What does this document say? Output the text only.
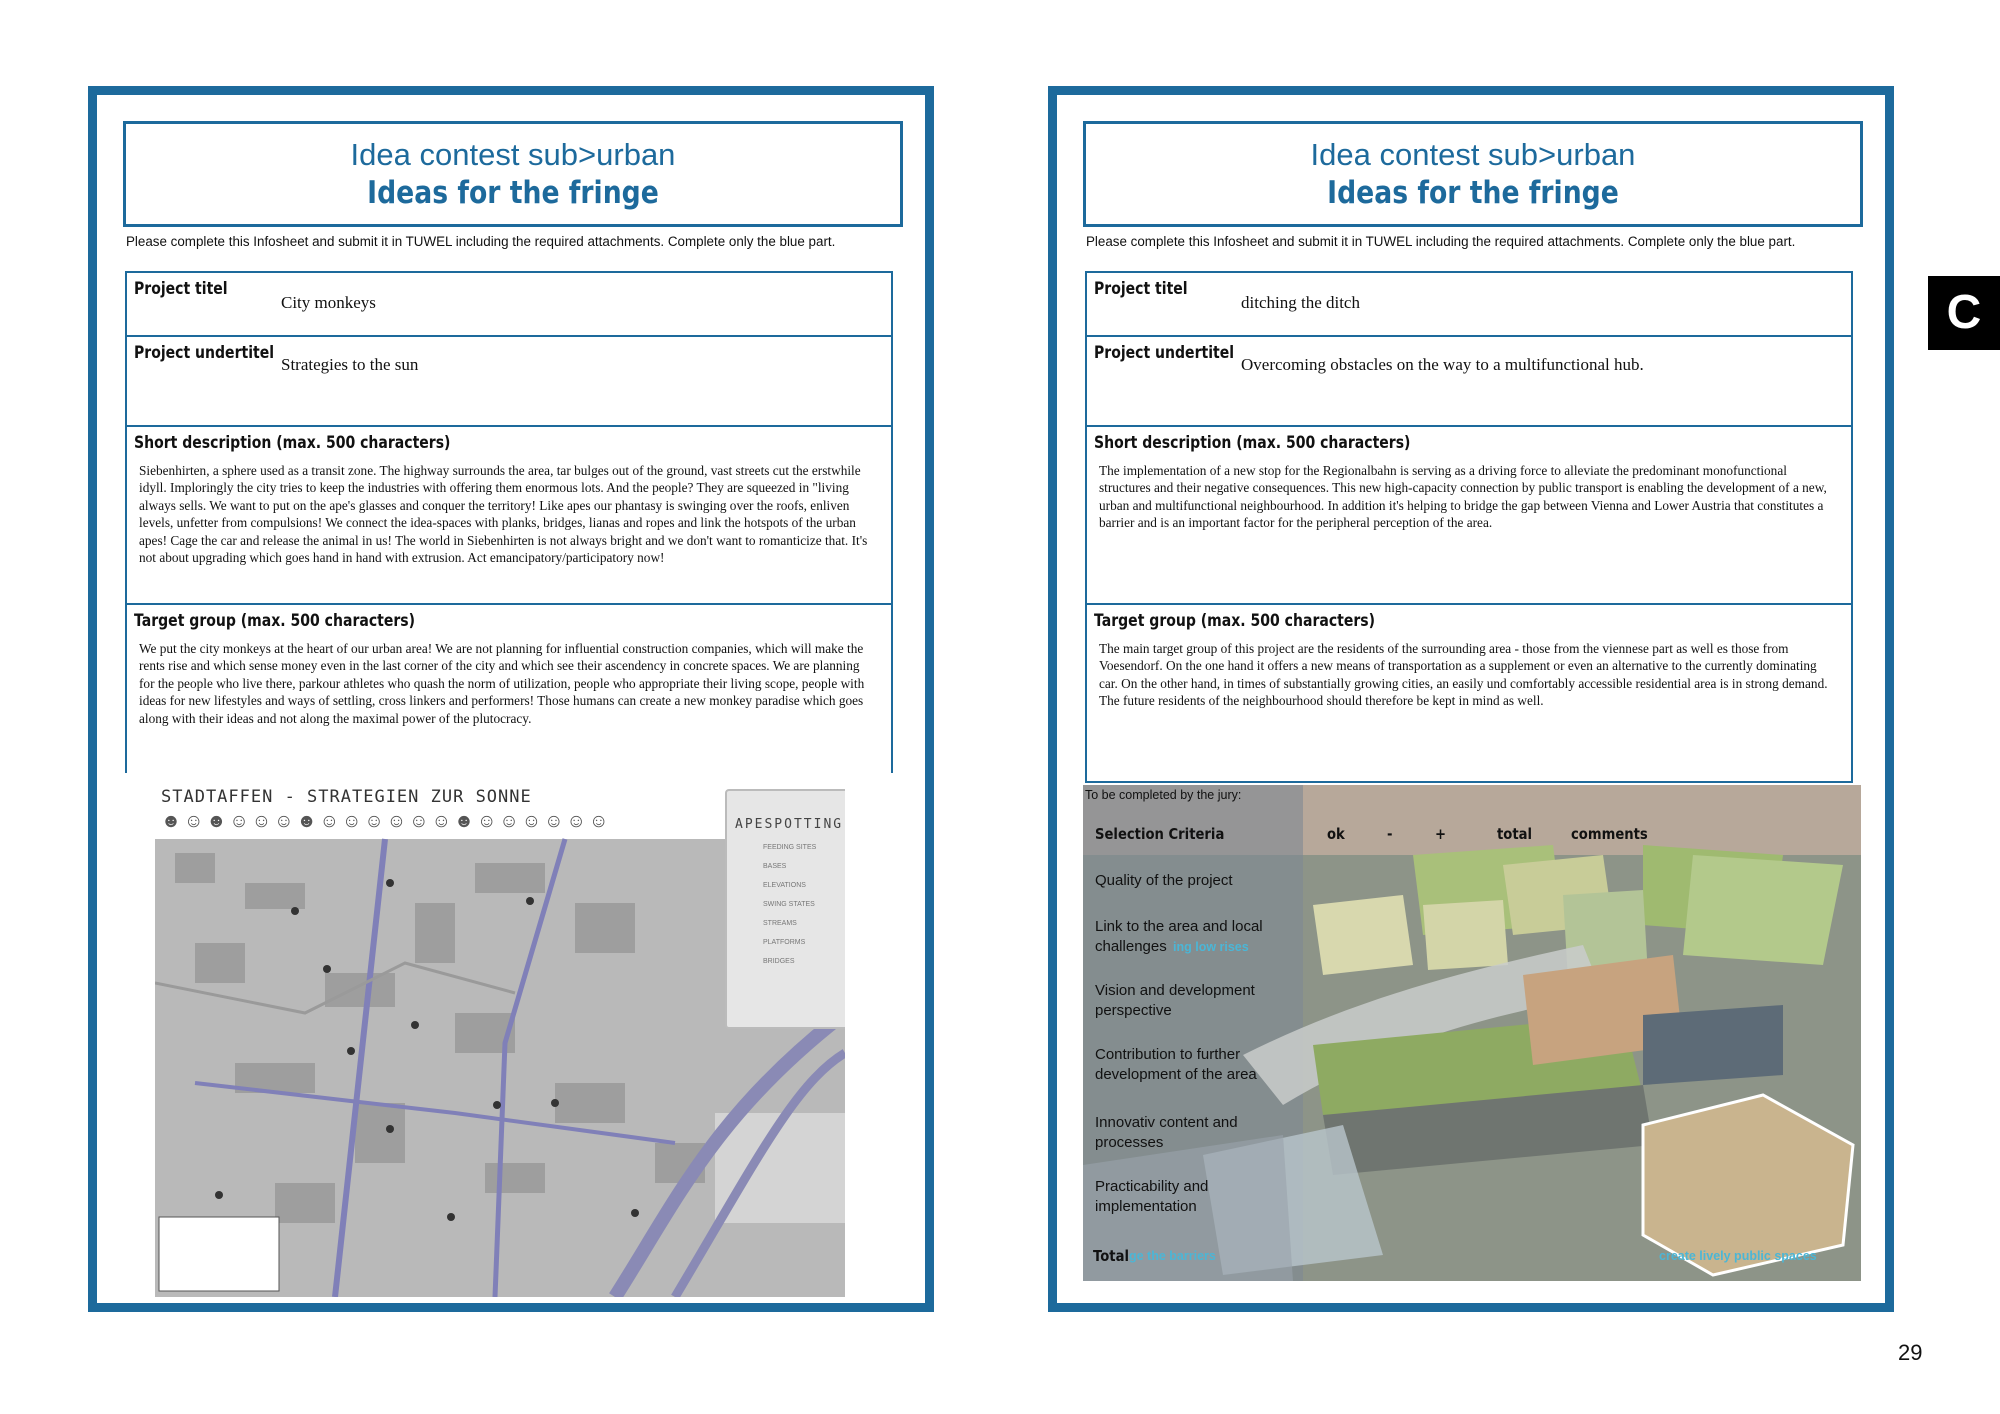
Idea contest sub>urban
Ideas for the fringe
Please complete this Infosheet and submit it in TUWEL including the required attachments. Complete only the blue part.
Project titel
City monkeys
Project undertitel
Strategies to the sun
Short description (max. 500 characters)
Siebenhirten, a sphere used as a transit zone. The highway surrounds the area, tar bulges out of the ground, vast streets cut the erstwhile idyll. Imploringly the city tries to keep the industries with offering them enormous lots. And the people? They are squeezed in "living always sells. We want to put on the ape's glasses and conquer the territory! Like apes our phantasy is swinging over the roofs, enliven levels, unfetter from compulsions! We connect the idea-spaces with planks, bridges, lianas and ropes and link the hotspots of the urban apes! Cage the car and release the animal in us! The world in Siebenhirten is not always bright and we don't want to romanticize that. It's not about upgrading which goes hand in hand with extrusion. Act emancipatory/participatory now!
Target group (max. 500 characters)
We put the city monkeys at the heart of our urban area! We are not planning for influential construction companies, which will make the rents rise and which sense money even in the last corner of the city and which see their ascendency in concrete spaces. We are planning for the people who live there, parkour athletes who quash the norm of utilization, people who appropriate their living scope, people with ideas for new lifestyles and ways of settling, cross linkers and performers! Those humans can create a new monkey paradise which goes along with their ideas and not along the maximal power of the plutocracy.
STADTAFFEN - STRATEGIEN ZUR SONNE
☻☺☻☺☺☺☻☺☺☺☺☺☺☻☺☺☺☺☺☺	APESPOTTING
FEEDING SITES
BASES
ELEVATIONS
SWING STATES
STREAMS
PLATFORMS
BRIDGES
Idea contest sub>urban
Ideas for the fringe
Please complete this Infosheet and submit it in TUWEL including the required attachments. Complete only the blue part.
Project titel
ditching the ditch
Project undertitel
Overcoming obstacles on the way to a multifunctional hub.
Short description (max. 500 characters)
The implementation of a new stop for the Regionalbahn is serving as a driving force to alleviate the predominant monofunctional structures and their negative consequences. This new high-capacity connection by public transport is enabling the development of a new, urban and multifunctional neighbourhood. In addition it's helping to bridge the gap between Vienna and Lower Austria that constitutes a barrier and is an important factor for the peripheral perception of the area.
Target group (max. 500 characters)
The main target group of this project are the residents of the surrounding area - those from the viennese part as well es those from Voesendorf. On the one hand it offers a new means of transportation as a supplement or even an alternative to the currently dominating car. On the other hand, in times of substantially growing cities, an easily und comfortably accessible residential area is in strong demand. The future residents of the neighbourhood should therefore be kept in mind as well.
To be completed by the jury:
Selection Criteria	ok	-	+	total	comments
Quality of the project
Link to the area and local challenges ing low rises
Vision and development perspective
Contribution to further development of the area
Innovativ content and processes
Practicability and implementation
Total ge the barriers	create lively public spaces
C
29
